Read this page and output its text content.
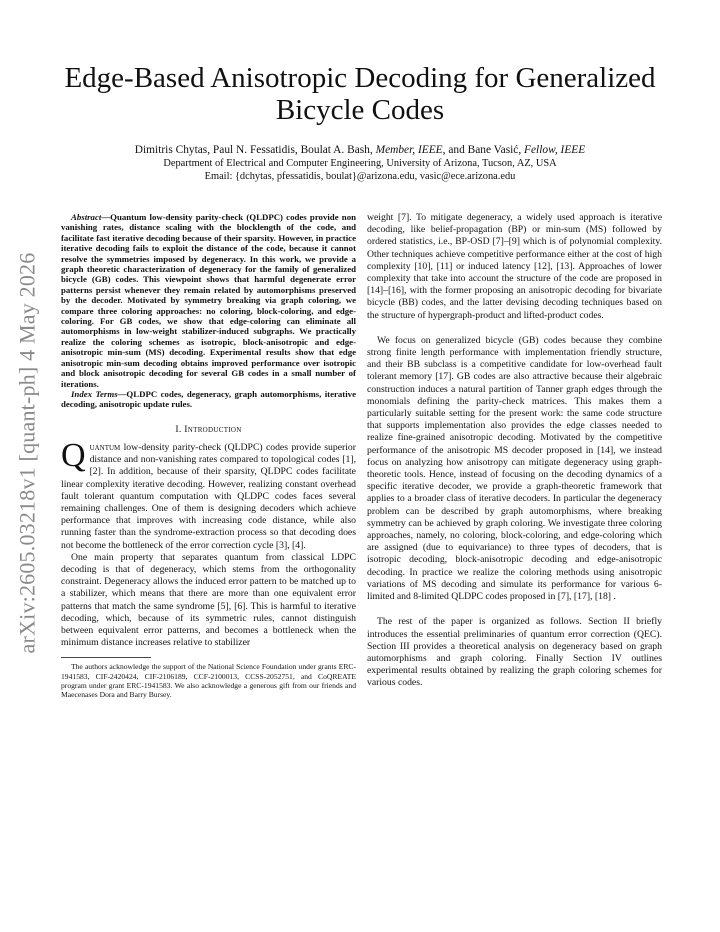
arXiv:2605.03218v1 [quant-ph] 4 May 2026
Edge-Based Anisotropic Decoding for Generalized Bicycle Codes
Dimitris Chytas, Paul N. Fessatidis, Boulat A. Bash, Member, IEEE, and Bane Vasić, Fellow, IEEE
Department of Electrical and Computer Engineering, University of Arizona, Tucson, AZ, USA
Email: {dchytas, pfessatidis, boulat}@arizona.edu, vasic@ece.arizona.edu

Abstract—Quantum low-density parity-check (QLDPC) codes provide non vanishing rates, distance scaling with the blocklength of the code, and facilitate fast iterative decoding because of their sparsity. However, in practice iterative decoding fails to exploit the distance of the code, because it cannot resolve the symmetries imposed by degeneracy. In this work, we provide a graph theoretic characterization of degeneracy for the family of generalized bicycle (GB) codes. This viewpoint shows that harmful degenerate error patterns persist whenever they remain related by automorphisms preserved by the decoder. Motivated by symmetry breaking via graph coloring, we compare three coloring approaches: no coloring, block-coloring, and edge-coloring. For GB codes, we show that edge-coloring can eliminate all automorphisms in low-weight stabilizer-induced subgraphs. We practically realize the coloring schemes as isotropic, block-anisotropic and edge-anisotropic min-sum (MS) decoding. Experimental results show that edge anisotropic min-sum decoding obtains improved performance over isotropic and block anisotropic decoding for several GB codes in a small number of iterations.

Index Terms—QLDPC codes, degeneracy, graph automorphisms, iterative decoding, anisotropic update rules.

I. Introduction

Quantum low-density parity-check (QLDPC) codes provide superior distance and non-vanishing rates compared to topological codes [1], [2]. In addition, because of their sparsity, QLDPC codes facilitate linear complexity iterative decoding. However, realizing constant overhead fault tolerant quantum computation with QLDPC codes faces several remaining challenges. One of them is designing decoders which achieve performance that improves with increasing code distance, while also running faster than the syndrome-extraction process so that decoding does not become the bottleneck of the error correction cycle [3], [4].

One main property that separates quantum from classical LDPC decoding is that of degeneracy, which stems from the orthogonality constraint. Degeneracy allows the induced error pattern to be matched up to a stabilizer, which means that there are more than one equivalent error patterns that match the same syndrome [5], [6]. This is harmful to iterative decoding, which, because of its symmetric rules, cannot distinguish between equivalent error patterns, and becomes a bottleneck when the minimum distance increases relative to stabilizer

The authors acknowledge the support of the National Science Foundation under grants ERC-1941583, CIF-2420424, CIF-2106189, CCF-2100013, CCSS-2052751, and CoQREATE program under grant ERC-1941583. We also acknowledge a generous gift from our friends and Maecenases Dora and Barry Bursey.

weight [7]. To mitigate degeneracy, a widely used approach is iterative decoding, like belief-propagation (BP) or min-sum (MS) followed by ordered statistics, i.e., BP-OSD [7]–[9] which is of polynomial complexity. Other techniques achieve competitive performance either at the cost of high complexity [10], [11] or induced latency [12], [13]. Approaches of lower complexity that take into account the structure of the code are proposed in [14]–[16], with the former proposing an anisotropic decoding for bivariate bicycle (BB) codes, and the latter devising decoding techniques based on the structure of hypergraph-product and lifted-product codes.

We focus on generalized bicycle (GB) codes because they combine strong finite length performance with implementation friendly structure, and their BB subclass is a competitive candidate for low-overhead fault tolerant memory [17]. GB codes are also attractive because their algebraic construction induces a natural partition of Tanner graph edges through the monomials defining the parity-check matrices. This makes them a particularly suitable setting for the present work: the same code structure that supports implementation also provides the edge classes needed to realize fine-grained anisotropic decoding. Motivated by the competitive performance of the anisotropic MS decoder proposed in [14], we instead focus on analyzing how anisotropy can mitigate degeneracy using graph-theoretic tools. Hence, instead of focusing on the decoding dynamics of a specific iterative decoder, we provide a graph-theoretic framework that applies to a broader class of iterative decoders. In particular the degeneracy problem can be described by graph automorphisms, where breaking symmetry can be achieved by graph coloring. We investigate three coloring approaches, namely, no coloring, block-coloring, and edge-coloring which are assigned (due to equivariance) to three types of decoders, that is isotropic decoding, block-anisotropic decoding and edge-anisotropic decoding. In practice we realize the coloring methods using anisotropic variations of MS decoding and simulate its performance for various 6-limited and 8-limited QLDPC codes proposed in [7], [17], [18] .

The rest of the paper is organized as follows. Section II briefly introduces the essential preliminaries of quantum error correction (QEC). Section III provides a theoretical analysis on degeneracy based on graph automorphisms and graph coloring. Finally Section IV outlines experimental results obtained by realizing the graph coloring schemes for various codes.
